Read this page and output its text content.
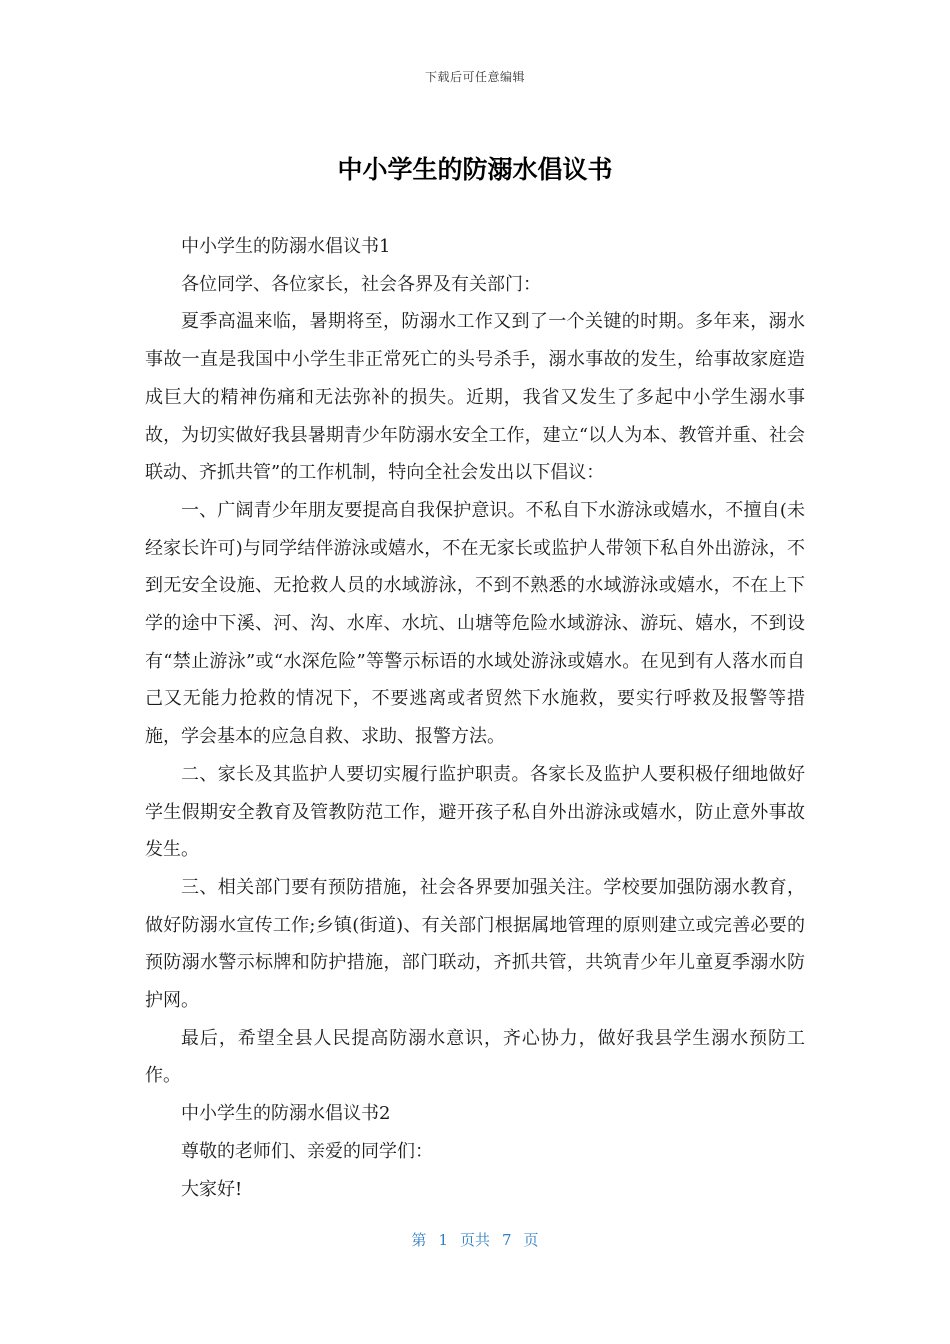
下载后可任意编辑
中小学生的防溺水倡议书

中小学生的防溺水倡议书1

各位同学、各位家长，社会各界及有关部门：

夏季高温来临，暑期将至，防溺水工作又到了一个关键的时期。多年来，溺水事故一直是我国中小学生非正常死亡的头号杀手，溺水事故的发生，给事故家庭造成巨大的精神伤痛和无法弥补的损失。近期，我省又发生了多起中小学生溺水事故，为切实做好我县暑期青少年防溺水安全工作，建立“以人为本、教管并重、社会联动、齐抓共管”的工作机制，特向全社会发出以下倡议：

一、广阔青少年朋友要提高自我保护意识。不私自下水游泳或嬉水，不擅自(未经家长许可)与同学结伴游泳或嬉水，不在无家长或监护人带领下私自外出游泳，不到无安全设施、无抢救人员的水域游泳，不到不熟悉的水域游泳或嬉水，不在上下学的途中下溪、河、沟、水库、水坑、山塘等危险水域游泳、游玩、嬉水，不到设有“禁止游泳”或“水深危险”等警示标语的水域处游泳或嬉水。在见到有人落水而自己又无能力抢救的情况下，不要逃离或者贸然下水施救，要实行呼救及报警等措施，学会基本的应急自救、求助、报警方法。

二、家长及其监护人要切实履行监护职责。各家长及监护人要积极仔细地做好学生假期安全教育及管教防范工作，避开孩子私自外出游泳或嬉水，防止意外事故发生。

三、相关部门要有预防措施，社会各界要加强关注。学校要加强防溺水教育，做好防溺水宣传工作;乡镇(街道)、有关部门根据属地管理的原则建立或完善必要的预防溺水警示标牌和防护措施，部门联动，齐抓共管，共筑青少年儿童夏季溺水防护网。

最后，希望全县人民提高防溺水意识，齐心协力，做好我县学生溺水预防工作。

中小学生的防溺水倡议书2

尊敬的老师们、亲爱的同学们：

大家好!

第 1 页共 7 页
